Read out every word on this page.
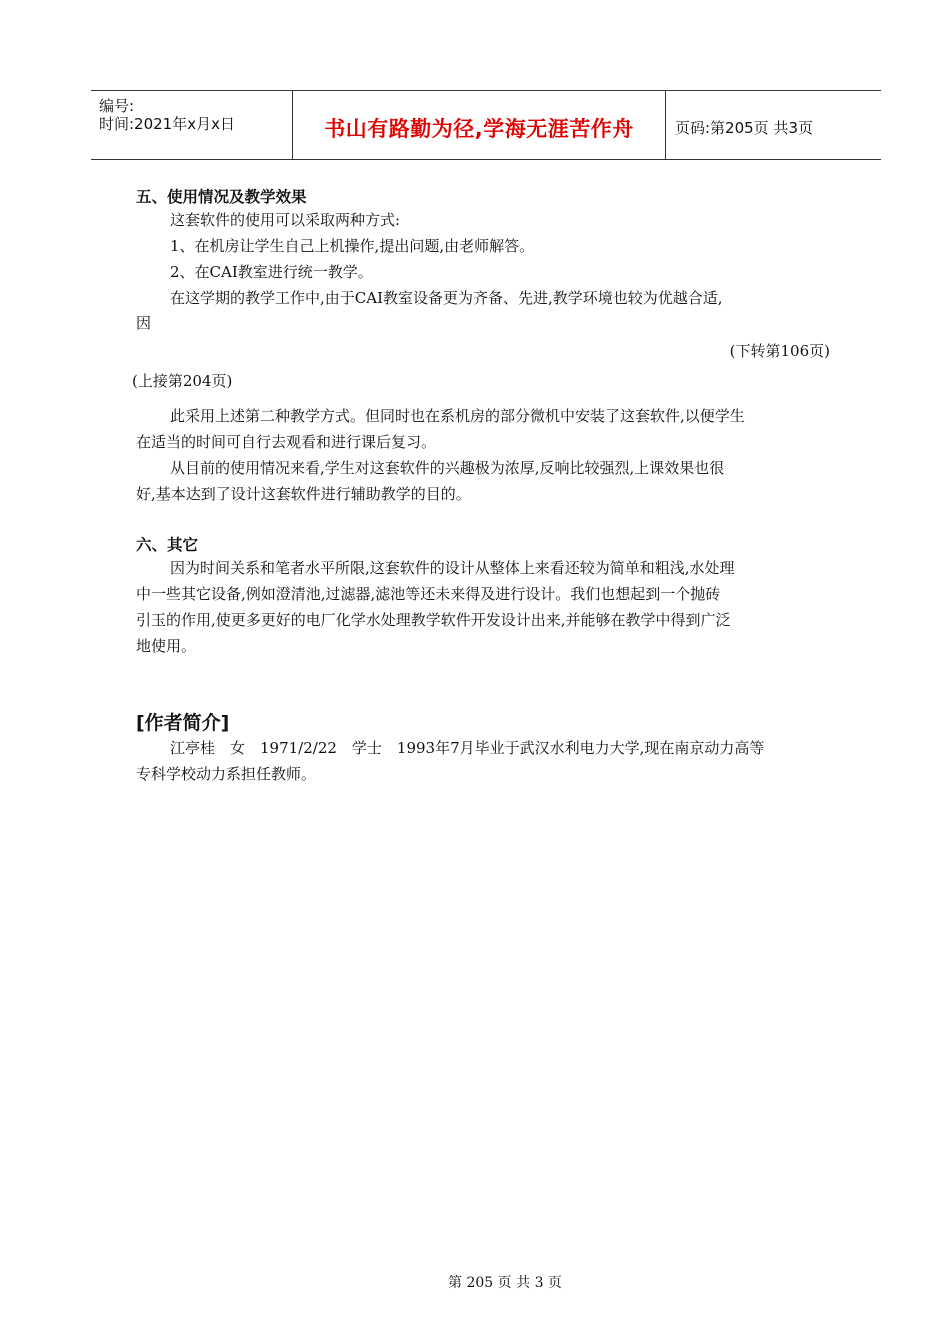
编号:
时间:2021年x月x日	书山有路勤为径,学海无涯苦作舟	页码:第205页 共3页
五、使用情况及教学效果
这套软件的使用可以采取两种方式:
1、在机房让学生自己上机操作,提出问题,由老师解答。
2、在CAI教室进行统一教学。
在这学期的教学工作中,由于CAI教室设备更为齐备、先进,教学环境也较为优越合适,
因
(下转第106页)
(上接第204页)
此采用上述第二种教学方式。但同时也在系机房的部分微机中安装了这套软件,以便学生
在适当的时间可自行去观看和进行课后复习。
从目前的使用情况来看,学生对这套软件的兴趣极为浓厚,反响比较强烈,上课效果也很
好,基本达到了设计这套软件进行辅助教学的目的。
六、其它
因为时间关系和笔者水平所限,这套软件的设计从整体上来看还较为简单和粗浅,水处理
中一些其它设备,例如澄清池,过滤器,滤池等还未来得及进行设计。我们也想起到一个抛砖
引玉的作用,使更多更好的电厂化学水处理教学软件开发设计出来,并能够在教学中得到广泛
地使用。
[作者简介]
江亭桂　女　1971/2/22　学士　1993年7月毕业于武汉水利电力大学,现在南京动力高等
专科学校动力系担任教师。
第 205 页 共 3 页
